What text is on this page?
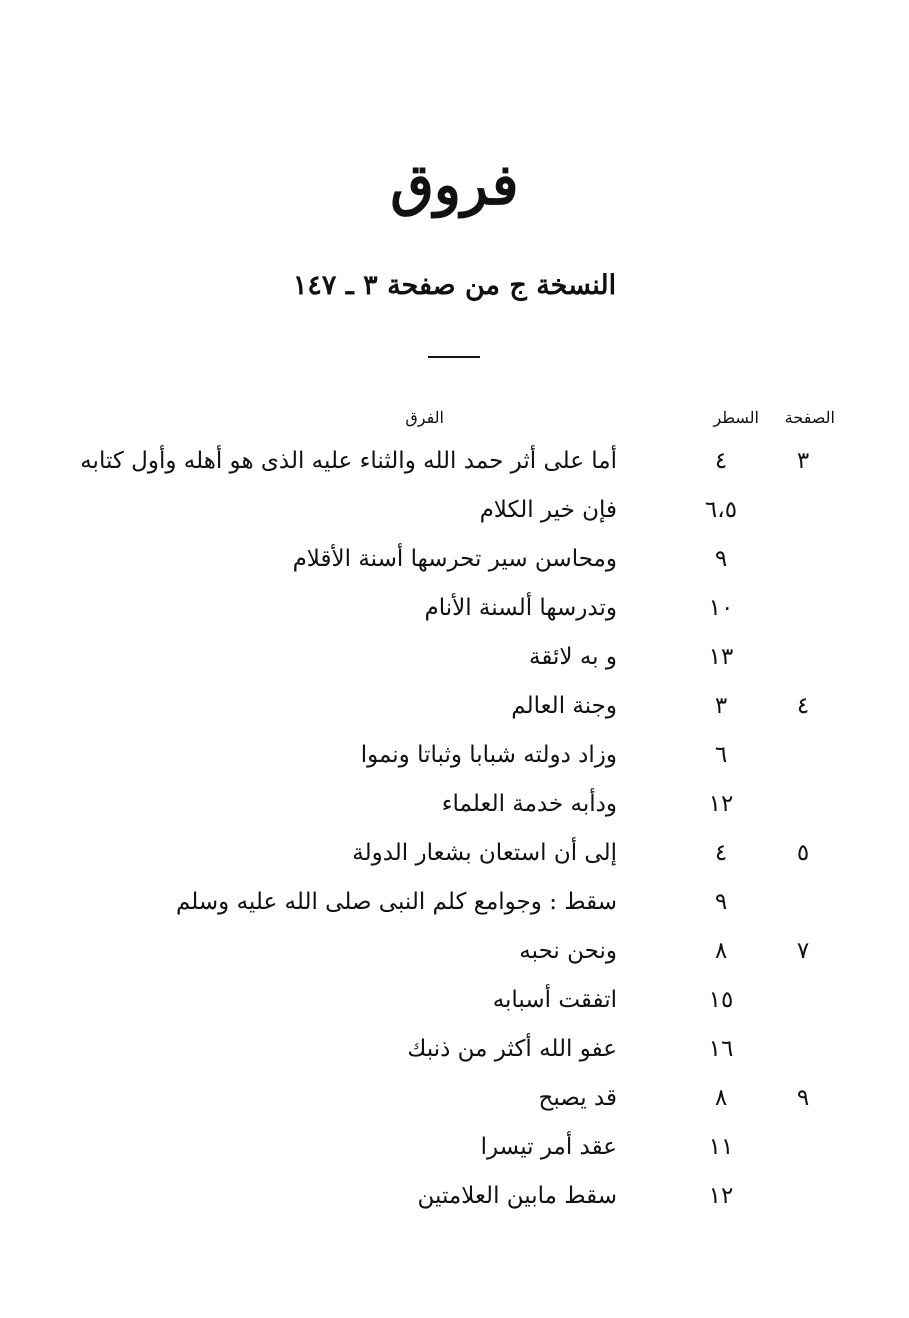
فروق
النسخة ج من صفحة ٣ ـ ١٤٧
الصفحة
السطر
الفرق
٣
٤
أما على أثر حمد الله والثناء عليه الذى هو أهله وأول كتابه
٦،٥
فإن خير الكلام
٩
ومحاسن سير تحرسها أسنة الأقلام
١٠
وتدرسها ألسنة الأنام
١٣
و به لائقة
٤
٣
وجنة العالم
٦
وزاد دولته شبابا وثباتا ونموا
١٢
ودأبه خدمة العلماء
٥
٤
إلى أن استعان بشعار الدولة
٩
سقط : وجوامع كلم النبى صلى الله عليه وسلم
٧
٨
ونحن نحبه
١٥
اتفقت أسبابه
١٦
عفو الله أكثر من ذنبك
٩
٨
قد يصبح
١١
عقد أمر تيسرا
١٢
سقط مابين العلامتين
